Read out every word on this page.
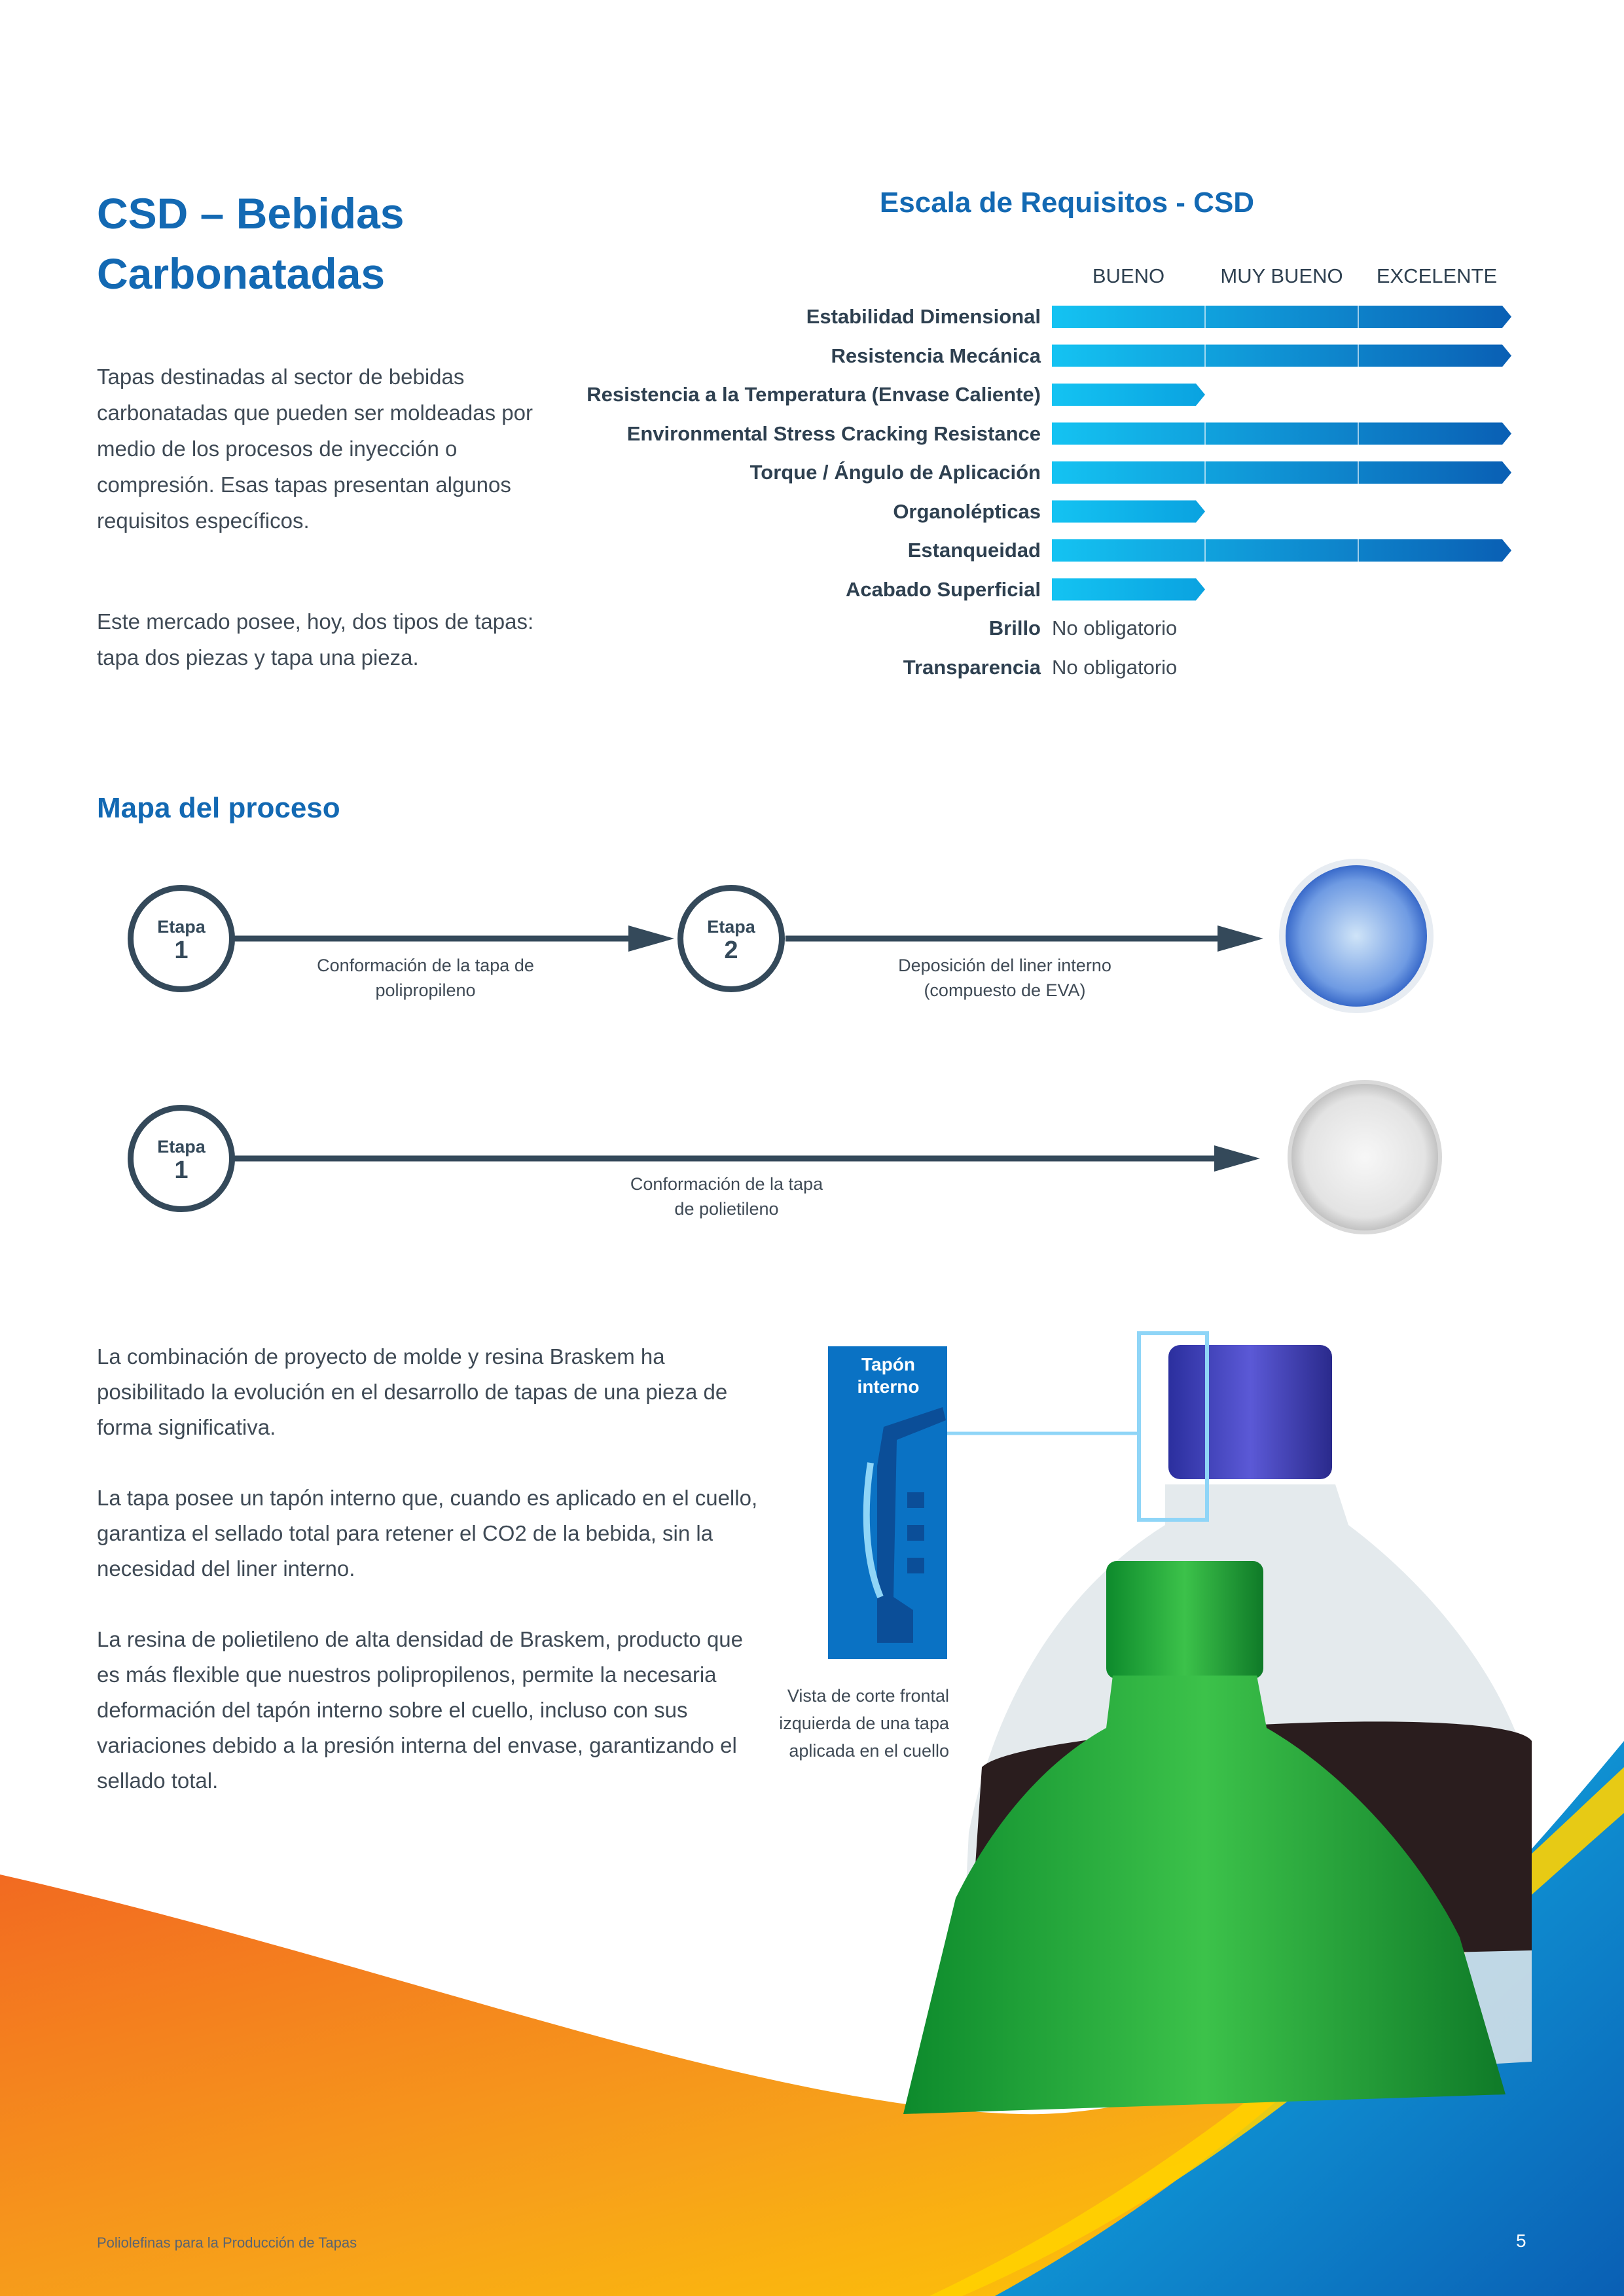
CSD – Bebidas Carbonatadas
Tapas destinadas al sector de bebidas carbonatadas que pueden ser moldeadas por medio de los procesos de inyección o compresión. Esas tapas presentan algunos requisitos específicos.
Este mercado posee, hoy, dos tipos de tapas: tapa dos piezas y tapa una pieza.
Escala de Requisitos - CSD
BUENO	MUY BUENO	EXCELENTE
Estabilidad Dimensional
Resistencia Mecánica
Resistencia a la Temperatura (Envase Caliente)
Environmental Stress Cracking Resistance
Torque / Ángulo de Aplicación
Organolépticas
Estanqueidad
Acabado Superficial
Brillo No obligatorio
Transparencia No obligatorio
Mapa del proceso
Etapa
1
Etapa
2
Conformación de la tapa de polipropileno
Deposición del liner interno (compuesto de EVA)
Etapa
1	Conformación de la tapa de polietileno
La combinación de proyecto de molde y resina Braskem ha posibilitado la evolución en el desarrollo de tapas de una pieza de forma significativa.
La tapa posee un tapón interno que, cuando es aplicado en el cuello, garantiza el sellado total para retener el CO2 de la bebida, sin la necesidad del liner interno.
La resina de polietileno de alta densidad de Braskem, producto que es más flexible que nuestros polipropilenos, permite la necesaria deformación del tapón interno sobre el cuello, incluso con sus variaciones debido a la presión interna del envase, garantizando el sellado total.
Tapón interno
Vista de corte frontal izquierda de una tapa aplicada en el cuello
Poliolefinas para la Producción de Tapas	5
